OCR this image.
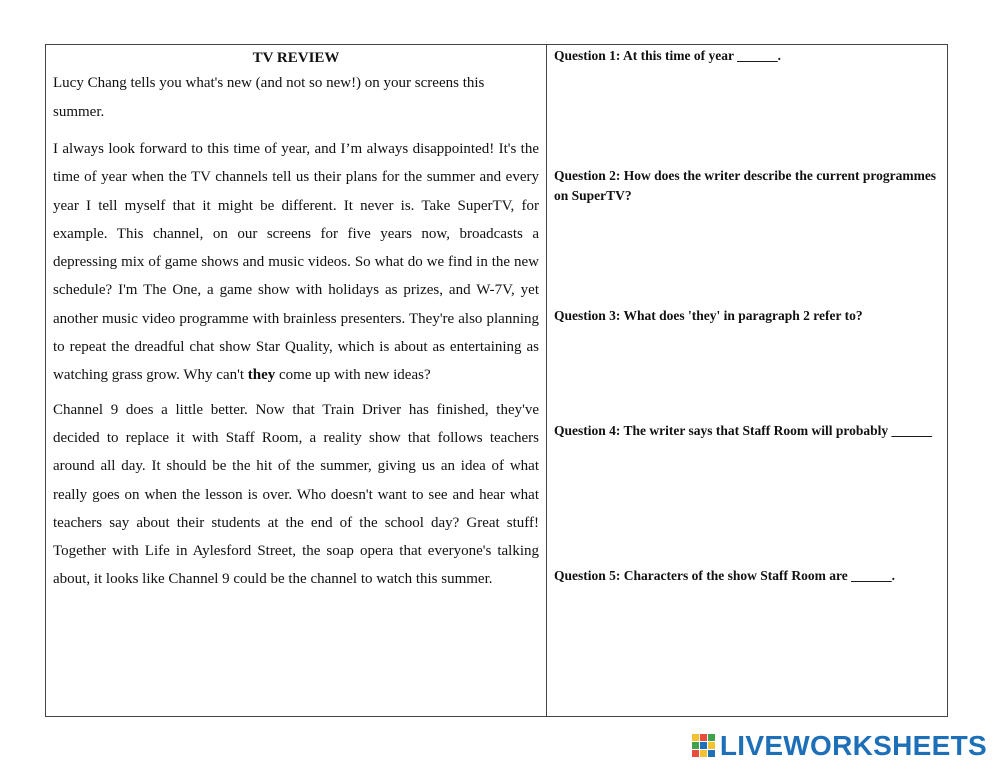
TV REVIEW

Lucy Chang tells you what's new (and not so new!) on your screens this summer.

I always look forward to this time of year, and I’m always disappointed! It's the time of year when the TV channels tell us their plans for the summer and every year I tell myself that it might be different. It never is. Take SuperTV, for example. This channel, on our screens for five years now, broadcasts a depressing mix of game shows and music videos. So what do we find in the new schedule? I'm The One, a game show with holidays as prizes, and W-7V, yet another music video programme with brainless presenters. They're also planning to repeat the dreadful chat show Star Quality, which is about as entertaining as watching grass grow. Why can't they come up with new ideas?

Channel 9 does a little better. Now that Train Driver has finished, they've decided to replace it with Staff Room, a reality show that follows teachers around all day. It should be the hit of the summer, giving us an idea of what really goes on when the lesson is over. Who doesn't want to see and hear what teachers say about their students at the end of the school day? Great stuff! Together with Life in Aylesford Street, the soap opera that everyone's talking about, it looks like Channel 9 could be the channel to watch this summer.

Question 1: At this time of year ______.

Question 2: How does the writer describe the current programmes on SuperTV?

Question 3: What does 'they' in paragraph 2 refer to?

Question 4: The writer says that Staff Room will probably ______

Question 5: Characters of the show Staff Room are ______.

LIVEWORKSHEETS
